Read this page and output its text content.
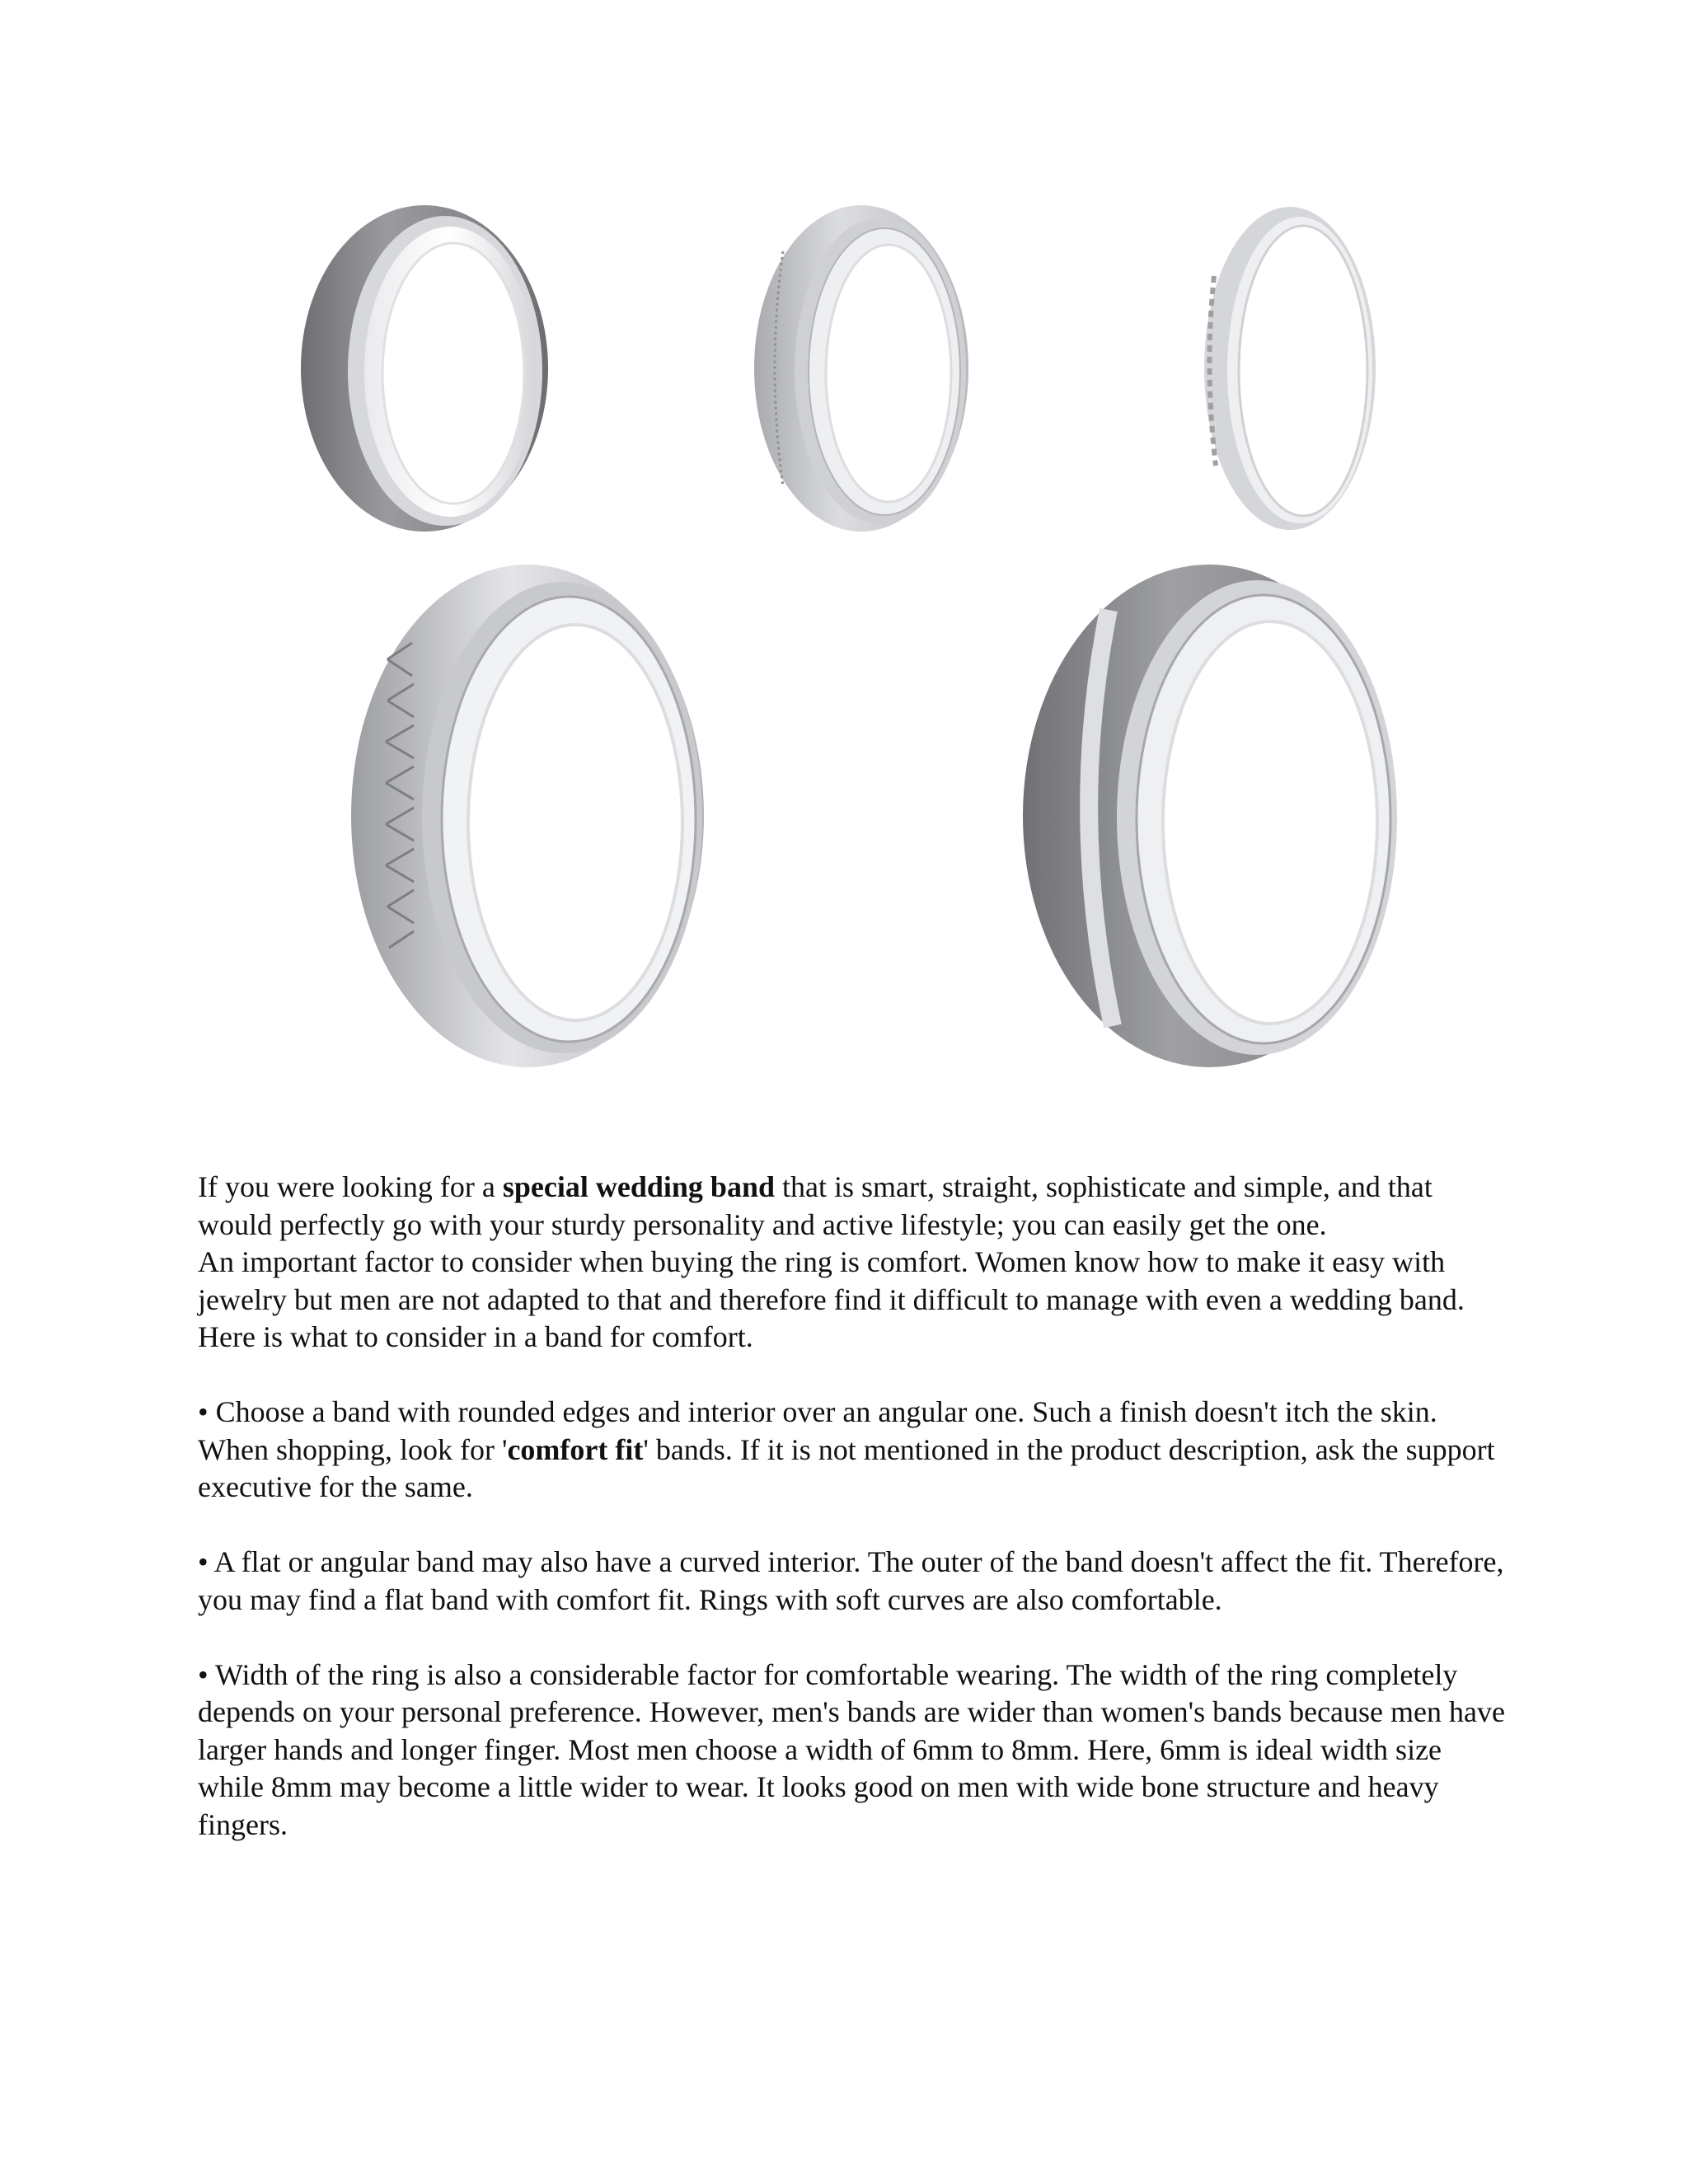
If you were looking for a special wedding band that is smart, straight, sophisticate and simple, and that would perfectly go with your sturdy personality and active lifestyle; you can easily get the one.

An important factor to consider when buying the ring is comfort. Women know how to make it easy with jewelry but men are not adapted to that and therefore find it difficult to manage with even a wedding band. Here is what to consider in a band for comfort.

• Choose a band with rounded edges and interior over an angular one. Such a finish doesn't itch the skin. When shopping, look for 'comfort fit' bands. If it is not mentioned in the product description, ask the support executive for the same.

• A flat or angular band may also have a curved interior. The outer of the band doesn't affect the fit. Therefore, you may find a flat band with comfort fit. Rings with soft curves are also comfortable.

• Width of the ring is also a considerable factor for comfortable wearing. The width of the ring completely depends on your personal preference. However, men's bands are wider than women's bands because men have larger hands and longer finger. Most men choose a width of 6mm to 8mm. Here, 6mm is ideal width size while 8mm may become a little wider to wear. It looks good on men with wide bone structure and heavy fingers.
